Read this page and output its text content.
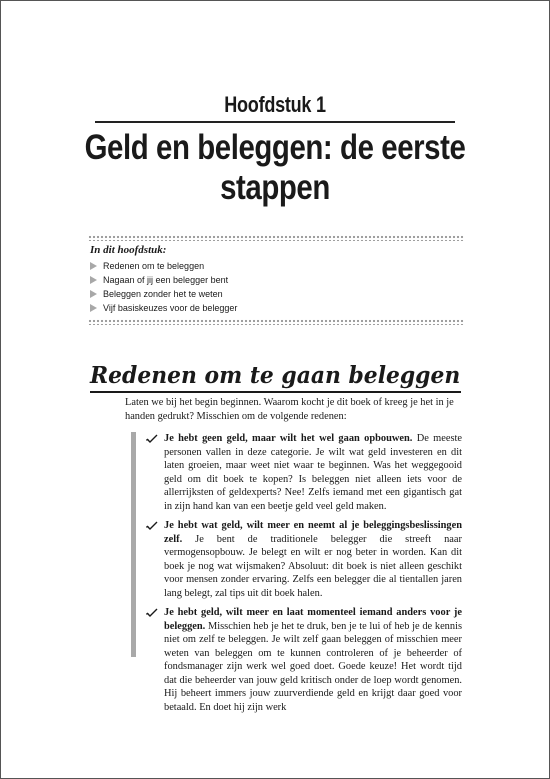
Hoofdstuk 1
Geld en beleggen: de eerste
stappen
In dit hoofdstuk:
Redenen om te beleggen
Nagaan of jij een belegger bent
Beleggen zonder het te weten
Vijf basiskeuzes voor de belegger
Redenen om te gaan beleggen

Laten we bij het begin beginnen. Waarom kocht je dit boek of kreeg je het in je handen gedrukt? Misschien om de volgende redenen:

Je hebt geen geld, maar wilt het wel gaan opbouwen. De meeste personen vallen in deze categorie. Je wilt wat geld investeren en dit laten groeien, maar weet niet waar te beginnen. Was het weggegooid geld om dit boek te kopen? Is beleggen niet alleen iets voor de allerrijksten of geldexperts? Nee! Zelfs iemand met een gigantisch gat in zijn hand kan van een beetje geld veel geld maken.
Je hebt wat geld, wilt meer en neemt al je beleggingsbeslissingen zelf. Je bent de traditionele belegger die streeft naar vermogensopbouw. Je belegt en wilt er nog beter in worden. Kan dit boek je nog wat wijsmaken? Absoluut: dit boek is niet alleen geschikt voor mensen zonder ervaring. Zelfs een belegger die al tientallen jaren lang belegt, zal tips uit dit boek halen.
Je hebt geld, wilt meer en laat momenteel iemand anders voor je beleggen. Misschien heb je het te druk, ben je te lui of heb je de kennis niet om zelf te beleggen. Je wilt zelf gaan beleggen of misschien meer weten van beleggen om te kunnen controleren of je beheerder of fondsmanager zijn werk wel goed doet. Goede keuze! Het wordt tijd dat die beheerder van jouw geld kritisch onder de loep wordt genomen. Hij beheert immers jouw zuurverdiende geld en krijgt daar goed voor betaald. En doet hij zijn werk
